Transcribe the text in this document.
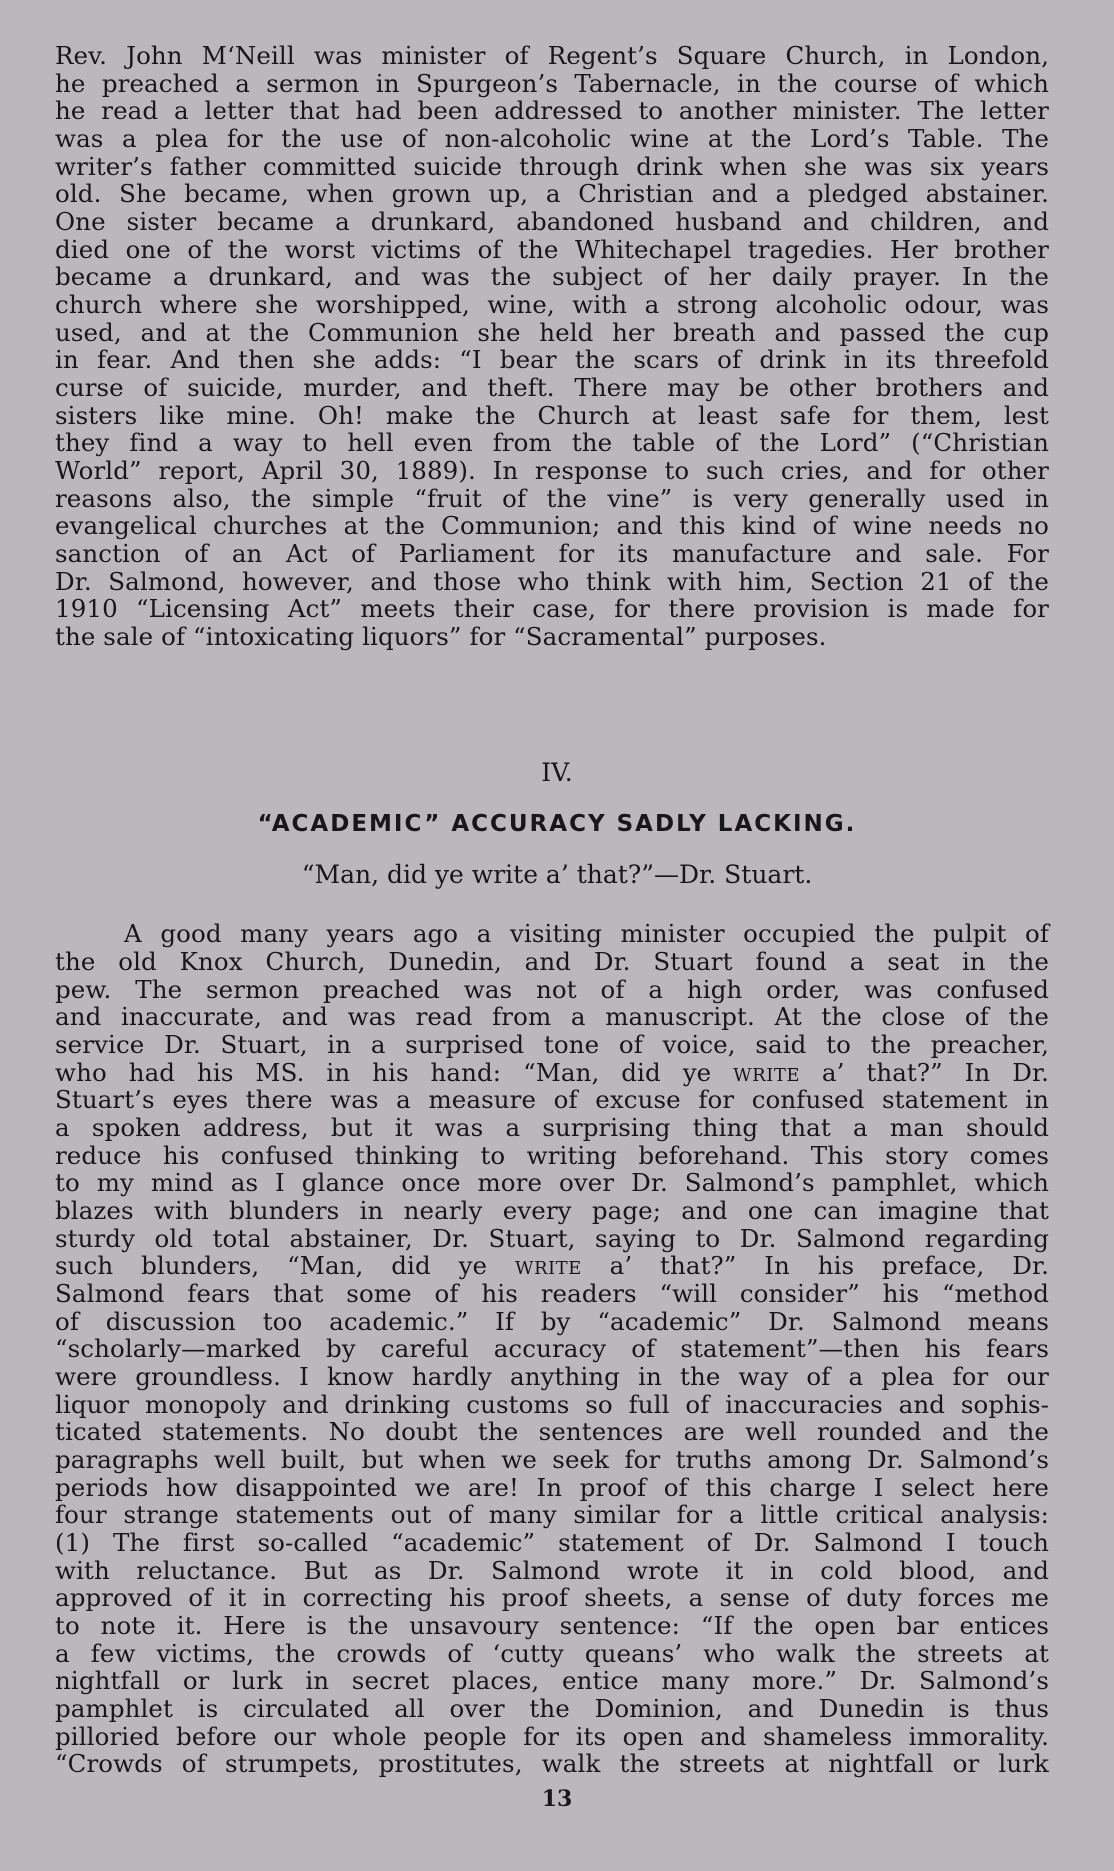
Rev. John M‘Neill was minister of Regent’s Square Church, in London,

he preached a sermon in Spurgeon’s Tabernacle, in the course of which

he read a letter that had been addressed to another minister. The letter

was a plea for the use of non-alcoholic wine at the Lord’s Table. The

writer’s father committed suicide through drink when she was six years

old. She became, when grown up, a Christian and a pledged abstainer.

One sister became a drunkard, abandoned husband and children, and

died one of the worst victims of the Whitechapel tragedies. Her brother

became a drunkard, and was the subject of her daily prayer. In the

church where she worshipped, wine, with a strong alcoholic odour, was

used, and at the Communion she held her breath and passed the cup

in fear. And then she adds: “I bear the scars of drink in its threefold

curse of suicide, murder, and theft. There may be other brothers and

sisters like mine. Oh! make the Church at least safe for them, lest

they find a way to hell even from the table of the Lord” (“Christian

World” report, April 30, 1889). In response to such cries, and for other

reasons also, the simple “fruit of the vine” is very generally used in

evangelical churches at the Communion; and this kind of wine needs no

sanction of an Act of Parliament for its manufacture and sale. For

Dr. Salmond, however, and those who think with him, Section 21 of the

1910 “Licensing Act” meets their case, for there provision is made for

the sale of “intoxicating liquors” for “Sacramental” purposes.

IV.

“ACADEMIC” ACCURACY SADLY LACKING.

“Man, did ye write a’ that?”—Dr. Stuart.

A good many years ago a visiting minister occupied the pulpit of

the old Knox Church, Dunedin, and Dr. Stuart found a seat in the

pew. The sermon preached was not of a high order, was confused

and inaccurate, and was read from a manuscript. At the close of the

service Dr. Stuart, in a surprised tone of voice, said to the preacher,

who had his MS. in his hand: “Man, did ye WRITE a’ that?” In Dr.

Stuart’s eyes there was a measure of excuse for confused statement in

a spoken address, but it was a surprising thing that a man should

reduce his confused thinking to writing beforehand. This story comes

to my mind as I glance once more over Dr. Salmond’s pamphlet, which

blazes with blunders in nearly every page; and one can imagine that

sturdy old total abstainer, Dr. Stuart, saying to Dr. Salmond regarding

such blunders, “Man, did ye WRITE a’ that?” In his preface, Dr.

Salmond fears that some of his readers “will consider” his “method

of discussion too academic.” If by “academic” Dr. Salmond means

“scholarly—marked by careful accuracy of statement”—then his fears

were groundless. I know hardly anything in the way of a plea for our

liquor monopoly and drinking customs so full of inaccuracies and sophis-

ticated statements. No doubt the sentences are well rounded and the

paragraphs well built, but when we seek for truths among Dr. Salmond’s

periods how disappointed we are! In proof of this charge I select here

four strange statements out of many similar for a little critical analysis:

(1) The first so-called “academic” statement of Dr. Salmond I touch

with reluctance. But as Dr. Salmond wrote it in cold blood, and

approved of it in correcting his proof sheets, a sense of duty forces me

to note it. Here is the unsavoury sentence: “If the open bar entices

a few victims, the crowds of ‘cutty queans’ who walk the streets at

nightfall or lurk in secret places, entice many more.” Dr. Salmond’s

pamphlet is circulated all over the Dominion, and Dunedin is thus

pilloried before our whole people for its open and shameless immorality.

“Crowds of strumpets, prostitutes, walk the streets at nightfall or lurk

13
